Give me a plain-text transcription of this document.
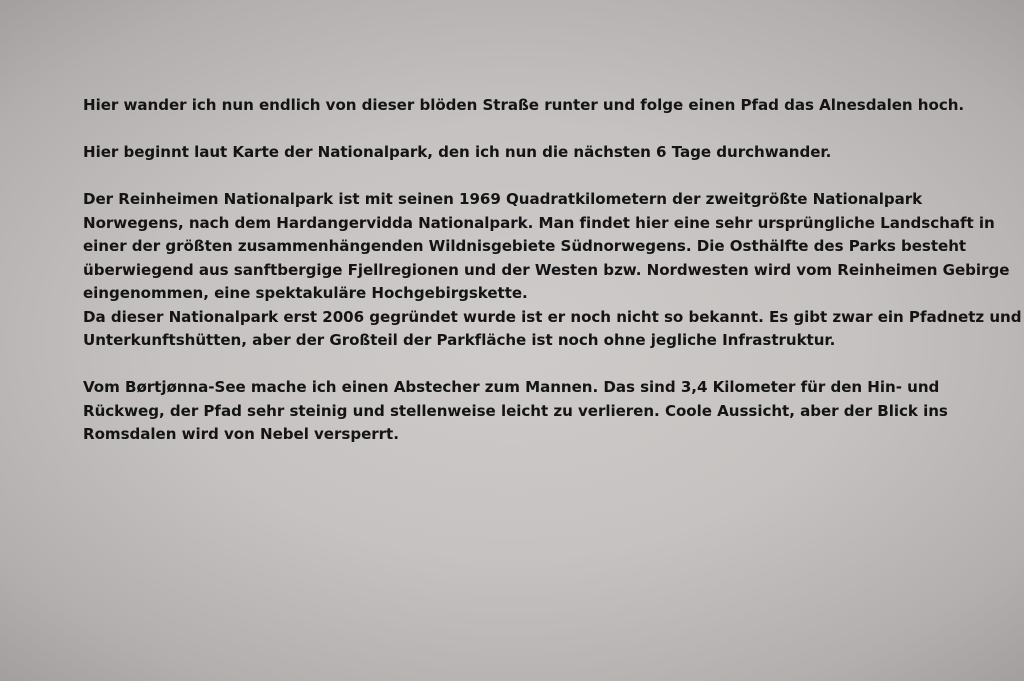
Hier wander ich nun endlich von dieser blöden Straße runter und folge einen Pfad das Alnesdalen hoch.
Hier beginnt laut Karte der Nationalpark, den ich nun die nächsten 6 Tage durchwander.
Der Reinheimen Nationalpark ist mit seinen 1969 Quadratkilometern der zweitgrößte Nationalpark
Norwegens, nach dem Hardangervidda Nationalpark. Man findet hier eine sehr ursprüngliche Landschaft in
einer der größten zusammenhängenden Wildnisgebiete Südnorwegens. Die Osthälfte des Parks besteht
überwiegend aus sanftbergige Fjellregionen und der Westen bzw. Nordwesten wird vom Reinheimen Gebirge
eingenommen, eine spektakuläre Hochgebirgskette.
Da dieser Nationalpark erst 2006 gegründet wurde ist er noch nicht so bekannt. Es gibt zwar ein Pfadnetz und
Unterkunftshütten, aber der Großteil der Parkfläche ist noch ohne jegliche Infrastruktur.
Vom Børtjønna-See mache ich einen Abstecher zum Mannen. Das sind 3,4 Kilometer für den Hin- und
Rückweg, der Pfad sehr steinig und stellenweise leicht zu verlieren. Coole Aussicht, aber der Blick ins
Romsdalen wird von Nebel versperrt.
